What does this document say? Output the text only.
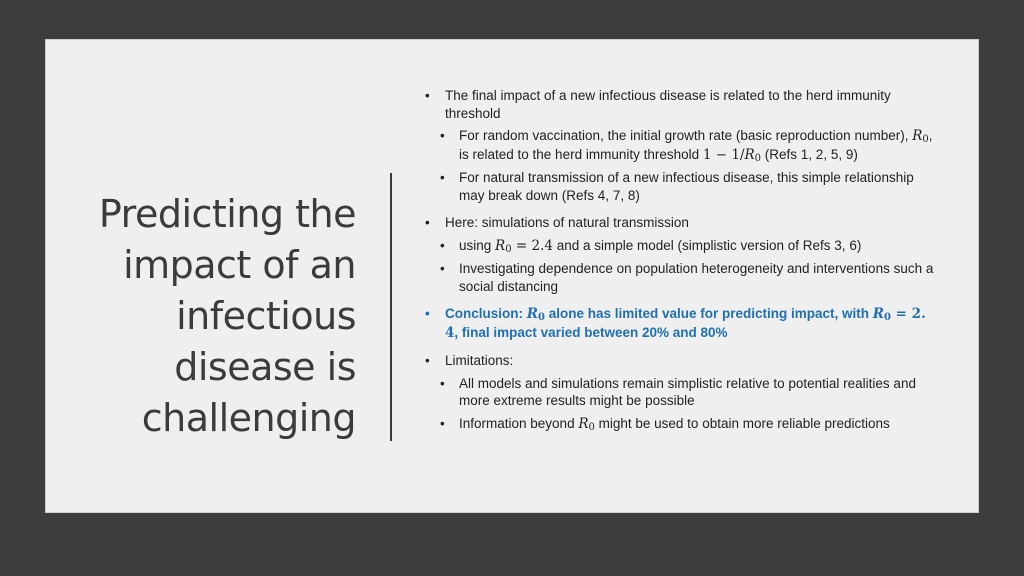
Predicting the
impact of an
infectious
disease is
challenging

• The final impact of a new infectious disease is related to the herd immunity threshold

• For random vaccination, the initial growth rate (basic reproduction number), $R_0$, is related to the herd immunity threshold $1 - 1/R_0$ (Refs 1, 2, 5, 9)

• For natural transmission of a new infectious disease, this simple relationship may break down (Refs 4, 7, 8)

• Here: simulations of natural transmission

• using $R_0 = 2.4$ and a simple model (simplistic version of Refs 3, 6)

• Investigating dependence on population heterogeneity and interventions such a social distancing

• Conclusion: $R_0$ alone has limited value for predicting impact, with $R_0 = 2$. 4, final impact varied between 20% and 80%

• Limitations:

• All models and simulations remain simplistic relative to potential realities and more extreme results might be possible

• Information beyond $R_0$ might be used to obtain more reliable predictions
